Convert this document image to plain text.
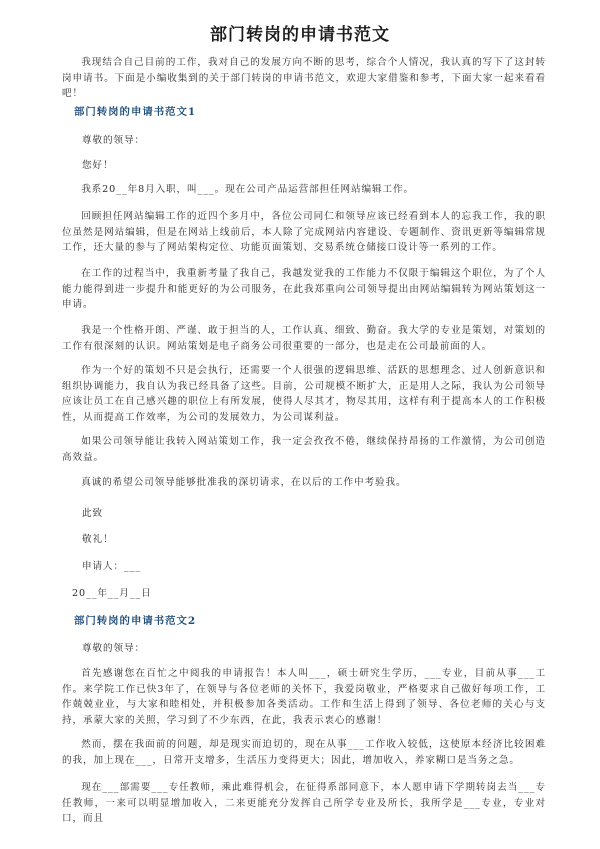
部门转岗的申请书范文

我现结合自己目前的工作，我对自己的发展方向不断的思考，综合个人情况，我认真的写下了这封转岗申请书。下面是小编收集到的关于部门转岗的申请书范文，欢迎大家借鉴和参考，下面大家一起来看看吧！

部门转岗的申请书范文1
尊敬的领导：
您好！

我系20__年8月入职，叫___。现在公司产品运营部担任网站编辑工作。

回顾担任网站编辑工作的近四个多月中，各位公司同仁和领导应该已经看到本人的忘我工作，我的职位虽然是网站编辑，但是在网站上线前后，本人除了完成网站内容建设、专题制作、资讯更新等编辑常规工作，还大量的参与了网站架构定位、功能页面策划、交易系统仓储接口设计等一系列的工作。

在工作的过程当中，我重新考量了我自己，我越发觉我的工作能力不仅限于编辑这个职位，为了个人能力能得到进一步提升和能更好的为公司服务，在此我郑重向公司领导提出由网站编辑转为网站策划这一申请。

我是一个性格开朗、严谨、敢于担当的人，工作认真、细致、勤奋。我大学的专业是策划，对策划的工作有很深刻的认识。网站策划是电子商务公司很重要的一部分，也是走在公司最前面的人。

作为一个好的策划不只是会执行，还需要一个人很强的逻辑思维、活跃的思想理念、过人创新意识和组织协调能力，我自认为我已经具备了这些。目前，公司规模不断扩大，正是用人之际，我认为公司领导应该让员工在自己感兴趣的职位上有所发展，使得人尽其才，物尽其用，这样有利于提高本人的工作积极性，从而提高工作效率，为公司的发展效力，为公司谋利益。

如果公司领导能让我转入网站策划工作，我一定会孜孜不倦，继续保持昂扬的工作激情，为公司创造高效益。

真诚的希望公司领导能够批准我的深切请求，在以后的工作中考验我。

此致
敬礼！
申请人：___
20__年__月__日
部门转岗的申请书范文2
尊敬的领导：

首先感谢您在百忙之中阅我的申请报告！本人叫___，硕士研究生学历，___专业，目前从事___工作。来学院工作已快3年了，在领导与各位老师的关怀下，我爱岗敬业，严格要求自己做好每项工作，工作兢兢业业，与大家和睦相处，并积极参加各类活动。工作和生活上得到了领导、各位老师的关心与支持，承蒙大家的关照，学习到了不少东西，在此，我表示衷心的感谢！

然而，摆在我面前的问题，却是现实而迫切的，现在从事___工作收入较低，这使原本经济比较困难的我，加上现在___，日常开支增多，生活压力变得更大；因此，增加收入，养家糊口是当务之急。

现在___部需要___专任教师，乘此难得机会，在征得系部同意下，本人愿申请下学期转岗去当___专任教师，一来可以明显增加收入，二来更能充分发挥自己所学专业及所长，我所学是___专业，专业对口，而且
